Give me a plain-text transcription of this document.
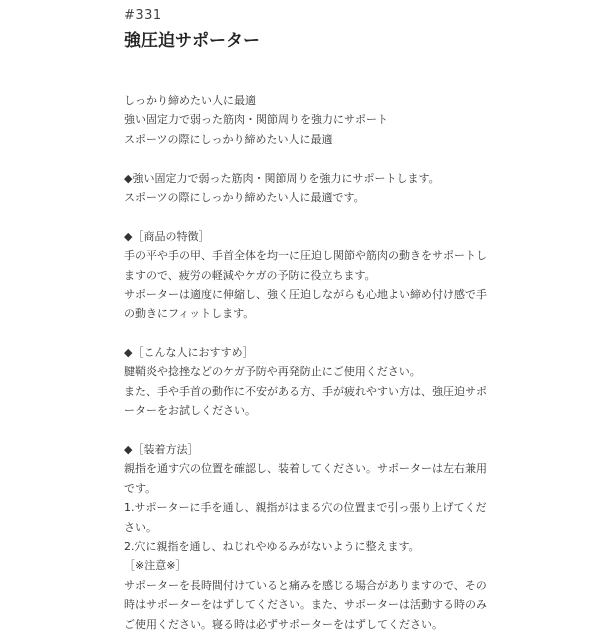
#331
強圧迫サポーター
しっかり締めたい人に最適
強い固定力で弱った筋肉・関節周りを強力にサポート
スポーツの際にしっかり締めたい人に最適
◆強い固定力で弱った筋肉・関節周りを強力にサポートします。
スポーツの際にしっかり締めたい人に最適です。
◆［商品の特徴］
手の平や手の甲、手首全体を均一に圧迫し関節や筋肉の動きをサポートし
ますので、疲労の軽減やケガの予防に役立ちます。
サポーターは適度に伸縮し、強く圧迫しながらも心地よい締め付け感で手
の動きにフィットします。
◆［こんな人におすすめ］
腱鞘炎や捻挫などのケガ予防や再発防止にご使用ください。
また、手や手首の動作に不安がある方、手が疲れやすい方は、強圧迫サポ
ーターをお試しください。
◆［装着方法］
親指を通す穴の位置を確認し、装着してください。サポーターは左右兼用
です。
1.サポーターに手を通し、親指がはまる穴の位置まで引っ張り上げてくだ
さい。
2.穴に親指を通し、ねじれやゆるみがないように整えます。
［※注意※］
サポーターを長時間付けていると痛みを感じる場合がありますので、その
時はサポーターをはずしてください。また、サポーターは活動する時のみ
ご使用ください。寝る時は必ずサポーターをはずしてください。
